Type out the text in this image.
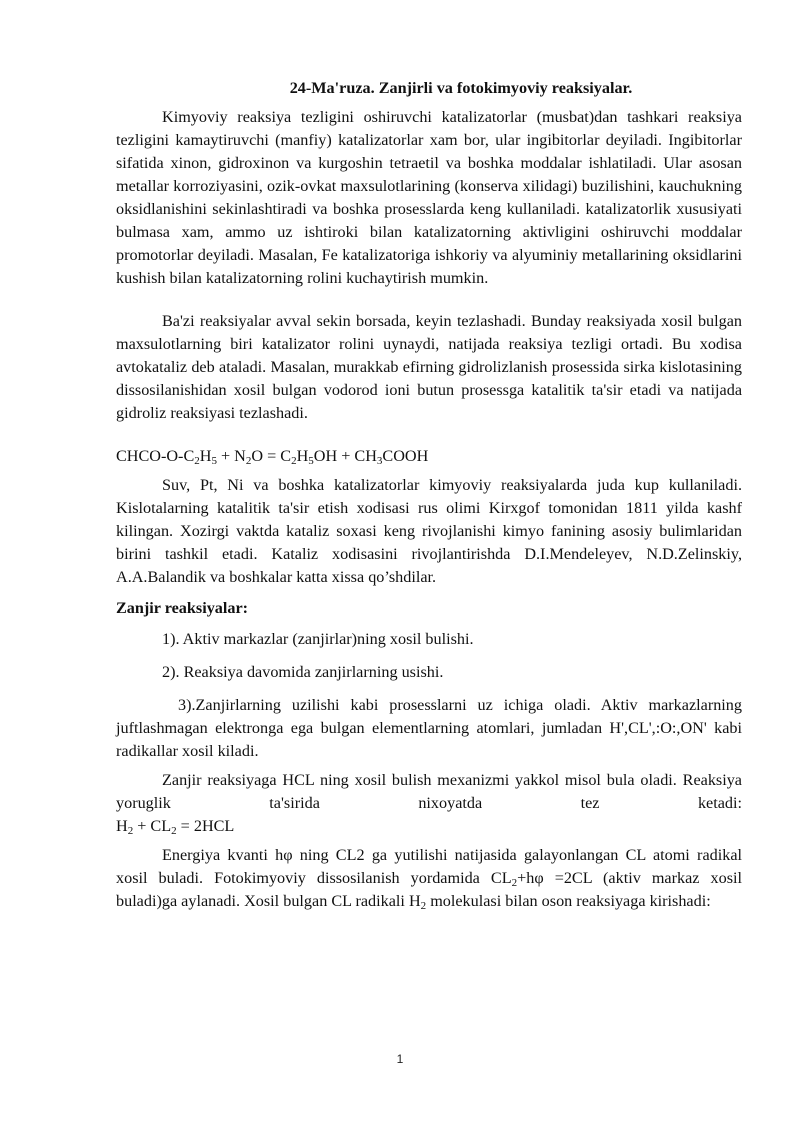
24-Ma'ruza. Zanjirli va fotokimyoviy reaksiyalar.

Kimyoviy reaksiya tezligini oshiruvchi katalizatorlar (musbat)dan tashkari reaksiya tezligini kamaytiruvchi (manfiy) katalizatorlar xam bor, ular ingibitorlar deyiladi. Ingibitorlar sifatida xinon, gidroxinon va kurgoshin tetraetil va boshka moddalar ishlatiladi. Ular asosan metallar korroziyasini, ozik-ovkat maxsulotlarining (konserva xilidagi) buzilishini, kauchukning oksidlanishini sekinlashtiradi va boshka prosesslarda keng kullaniladi. katalizatorlik xususiyati bulmasa xam, ammo uz ishtiroki bilan katalizatorning aktivligini oshiruvchi moddalar promotorlar deyiladi. Masalan, Fe katalizatoriga ishkoriy va alyuminiy metallarining oksidlarini kushish bilan katalizatorning rolini kuchaytirish mumkin.

Ba'zi reaksiyalar avval sekin borsada, keyin tezlashadi. Bunday reaksiyada xosil bulgan maxsulotlarning biri katalizator rolini uynaydi, natijada reaksiya tezligi ortadi. Bu xodisa avtokataliz deb ataladi. Masalan, murakkab efirning gidrolizlanish prosessida sirka kislotasining dissosilanishidan xosil bulgan vodorod ioni butun prosessga katalitik ta'sir etadi va natijada gidroliz reaksiyasi tezlashadi.

CHCO-$O-C_2H_5 + N_2O = C_2H_5OH$ + $CH_3COOH$

Suv, Pt, Ni va boshka katalizatorlar kimyoviy reaksiyalarda juda kup kullaniladi. Kislotalarning katalitik ta'sir etish xodisasi rus olimi Kirxgof tomonidan 1811 yilda kashf kilingan. Xozirgi vaktda kataliz soxasi keng rivojlanishi kimyo fanining asosiy bulimlaridan birini tashkil etadi. Kataliz xodisasini rivojlantirishda D.I.Mendeleyev, N.D.Zelinskiy, A.A.Balandik va boshkalar katta xissa qo’shdilar.

Zanjir reaksiyalar:

1). Aktiv markazlar (zanjirlar)ning xosil bulishi.

2). Reaksiya davomida zanjirlarning usishi.

3).Zanjirlarning uzilishi kabi prosesslarni uz ichiga oladi. Aktiv markazlarning juftlashmagan elektronga ega bulgan elementlarning atomlari, jumladan H',CL',:O:,ON' kabi radikallar xosil kiladi.

Zanjir reaksiyaga HCL ning xosil bulish mexanizmi yakkol misol bula oladi. Reaksiya yoruglik ta'sirida nixoyatda tez ketadi:

$H_2 + CL_2 = 2HCL$

Energiya kvanti hφ ning CL2 ga yutilishi natijasida galayonlangan CL atomi radikal xosil buladi. Fotokimyoviy dissosilanish yordamida $CL_2+h\varphi =2CL$ (aktiv markaz xosil buladi)ga aylanadi. Xosil bulgan CL radikali $H_2$ molekulasi bilan oson reaksiyaga kirishadi:

1
